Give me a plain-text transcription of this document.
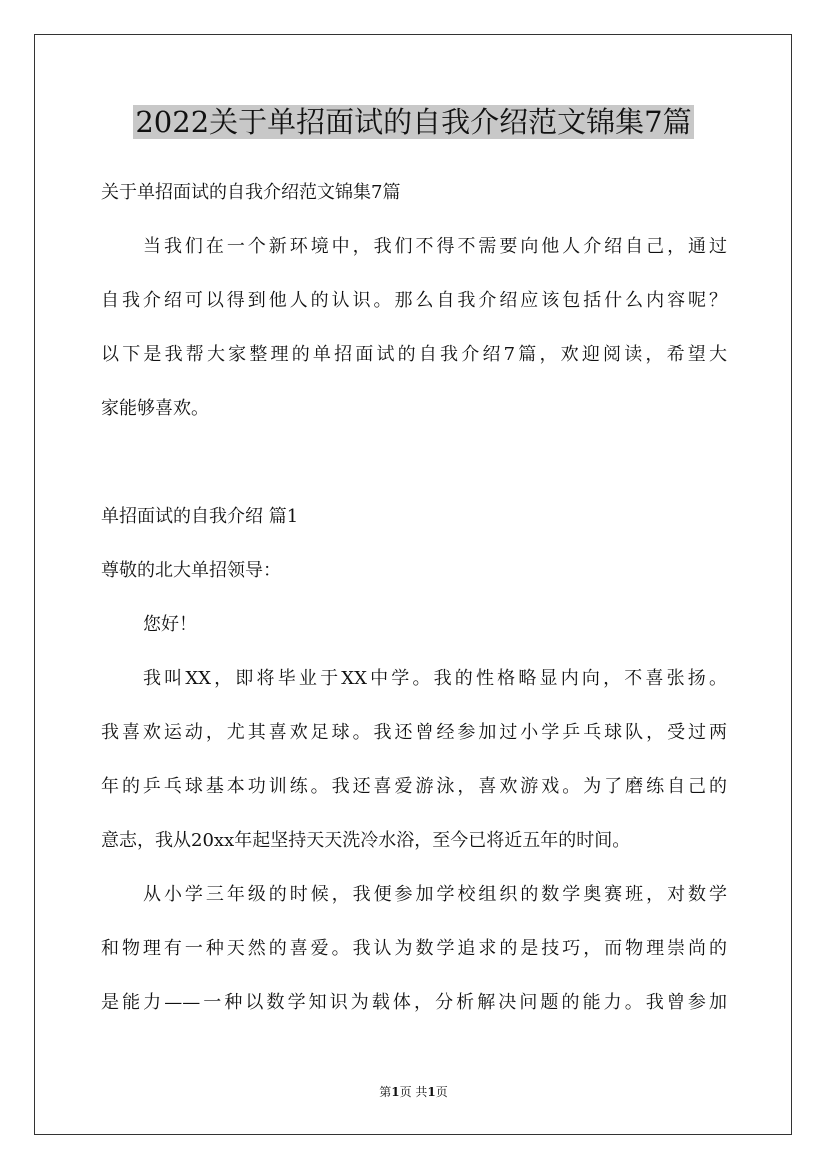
2022关于单招面试的自我介绍范文锦集7篇
关于单招面试的自我介绍范文锦集7篇
当我们在一个新环境中，我们不得不需要向他人介绍自己，通过
自我介绍可以得到他人的认识。那么自我介绍应该包括什么内容呢？
以下是我帮大家整理的单招面试的自我介绍7篇，欢迎阅读，希望大
家能够喜欢。
单招面试的自我介绍 篇1
尊敬的北大单招领导：
您好！
我叫XX，即将毕业于XX中学。我的性格略显内向，不喜张扬。
我喜欢运动，尤其喜欢足球。我还曾经参加过小学乒乓球队，受过两
年的乒乓球基本功训练。我还喜爱游泳，喜欢游戏。为了磨练自己的
意志，我从20xx年起坚持天天洗冷水浴，至今已将近五年的时间。
从小学三年级的时候，我便参加学校组织的数学奥赛班，对数学
和物理有一种天然的喜爱。我认为数学追求的是技巧，而物理崇尚的
是能力——一种以数学知识为载体，分析解决问题的能力。我曾参加
第1页 共1页
